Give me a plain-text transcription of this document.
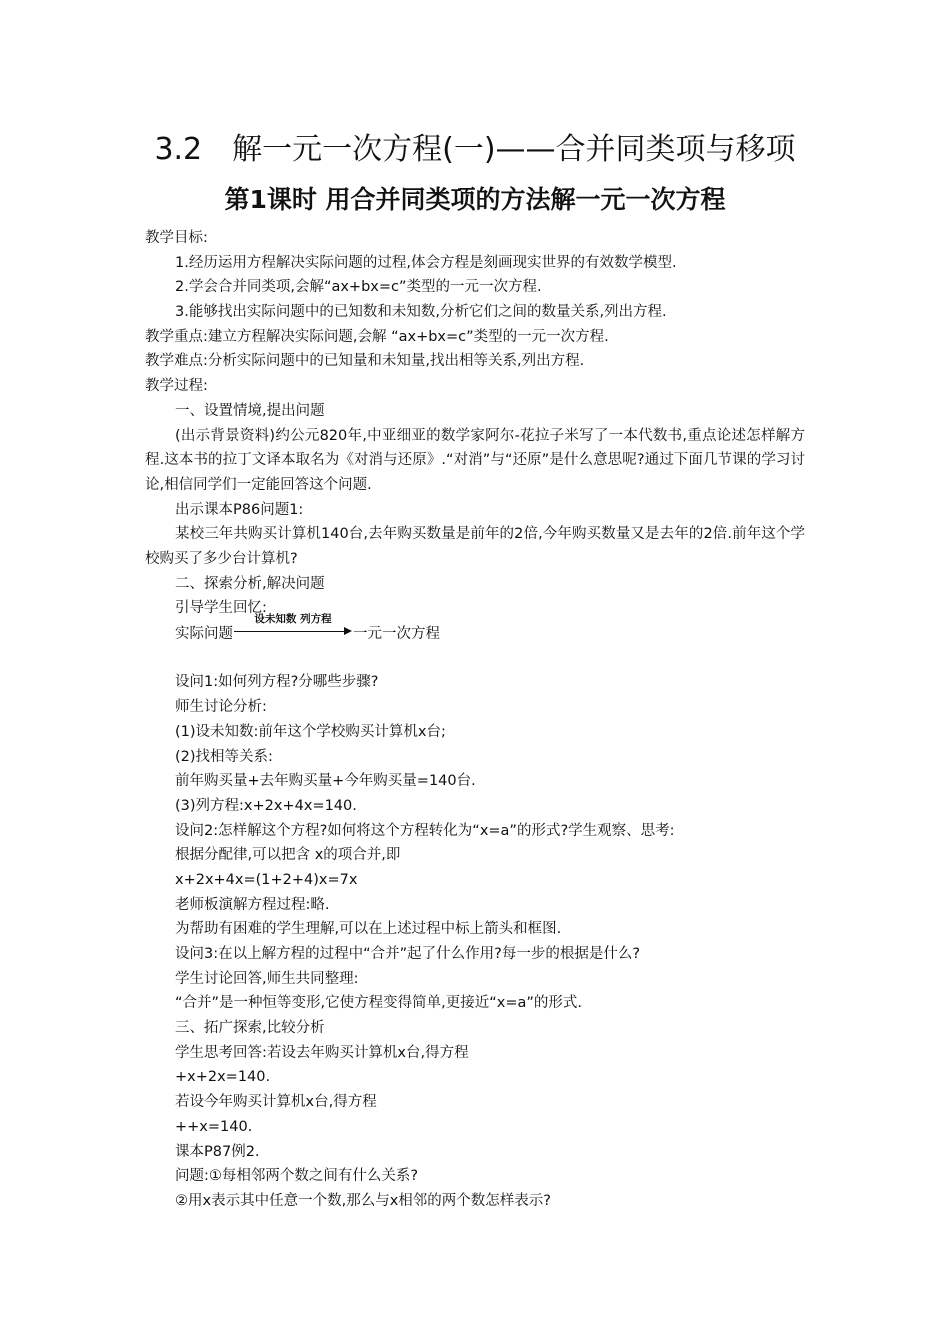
3.2　解一元一次方程(一)——合并同类项与移项
第1课时 用合并同类项的方法解一元一次方程
教学目标:
1.经历运用方程解决实际问题的过程,体会方程是刻画现实世界的有效数学模型.
2.学会合并同类项,会解“ax+bx=c”类型的一元一次方程.
3.能够找出实际问题中的已知数和未知数,分析它们之间的数量关系,列出方程.
教学重点:建立方程解决实际问题,会解 “ax+bx=c”类型的一元一次方程.
教学难点:分析实际问题中的已知量和未知量,找出相等关系,列出方程.
教学过程:
一、设置情境,提出问题
(出示背景资料)约公元820年,中亚细亚的数学家阿尔-花拉子米写了一本代数书,重点论述怎样解方程.这本书的拉丁文译本取名为《对消与还原》.“对消”与“还原”是什么意思呢?通过下面几节课的学习讨论,相信同学们一定能回答这个问题.
出示课本P86问题1:
某校三年共购买计算机140台,去年购买数量是前年的2倍,今年购买数量又是去年的2倍.前年这个学校购买了多少台计算机?
二、探索分析,解决问题
引导学生回忆:
实际问题
设未知数 列方程
一元一次方程
设问1:如何列方程?分哪些步骤?
师生讨论分析:
(1)设未知数:前年这个学校购买计算机x台;
(2)找相等关系:
前年购买量+去年购买量+今年购买量=140台.
(3)列方程:x+2x+4x=140.
设问2:怎样解这个方程?如何将这个方程转化为“x=a”的形式?学生观察、思考:
根据分配律,可以把含 x的项合并,即
x+2x+4x=(1+2+4)x=7x
老师板演解方程过程:略.
为帮助有困难的学生理解,可以在上述过程中标上箭头和框图.
设问3:在以上解方程的过程中“合并”起了什么作用?每一步的根据是什么?
学生讨论回答,师生共同整理:
“合并”是一种恒等变形,它使方程变得简单,更接近“x=a”的形式.
三、拓广探索,比较分析
学生思考回答:若设去年购买计算机x台,得方程
+x+2x=140.
若设今年购买计算机x台,得方程
++x=140.
课本P87例2.
问题:①每相邻两个数之间有什么关系?
②用x表示其中任意一个数,那么与x相邻的两个数怎样表示?
